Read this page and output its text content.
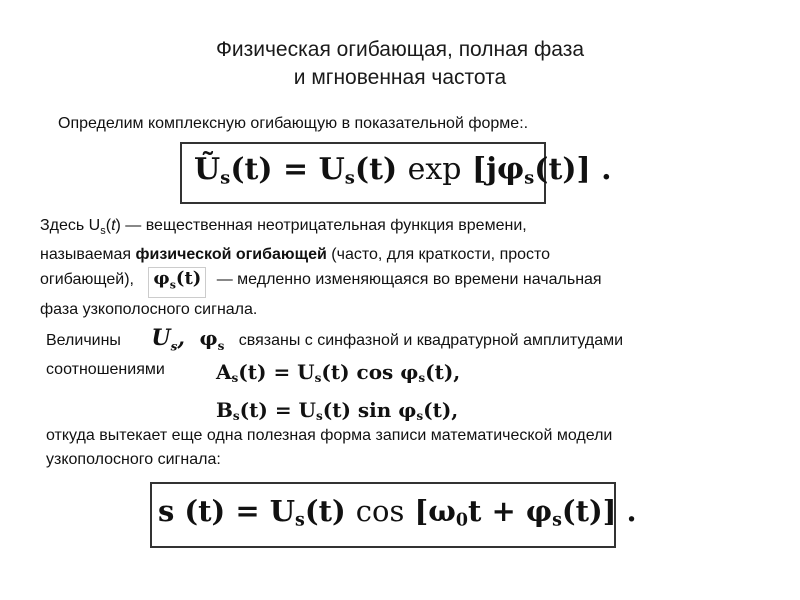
Физическая огибающая, полная фаза
и мгновенная частота
Определим комплексную огибающую в показательной форме:.
$Ũ_s(t) = U_s(t)$ $\exp [j\varphi_s(t)]$ .
Здесь $U_s(t)$ — вещественная неотрицательная функция времени,
называемая физической огибающей (часто, для краткости, просто
огибающей), $\varphi_s(t)$ — медленно изменяющаяся во времени начальная
фаза узкополосного сигнала.
Величины $U_s$, $\varphi_s$ связаны с синфазной и квадратурной амплитудами
соотношениями	$A_s(t) = U_s(t)$ $\cos \varphi_s(t)$,
$B_s(t) = U_s(t)$ $\sin \varphi_s(t)$,
откуда вытекает еще одна полезная форма записи математической модели
узкополосного сигнала:
s $(t) = U_s(t)$ $\cos [\omega_0t + \varphi_s(t)]$ .
